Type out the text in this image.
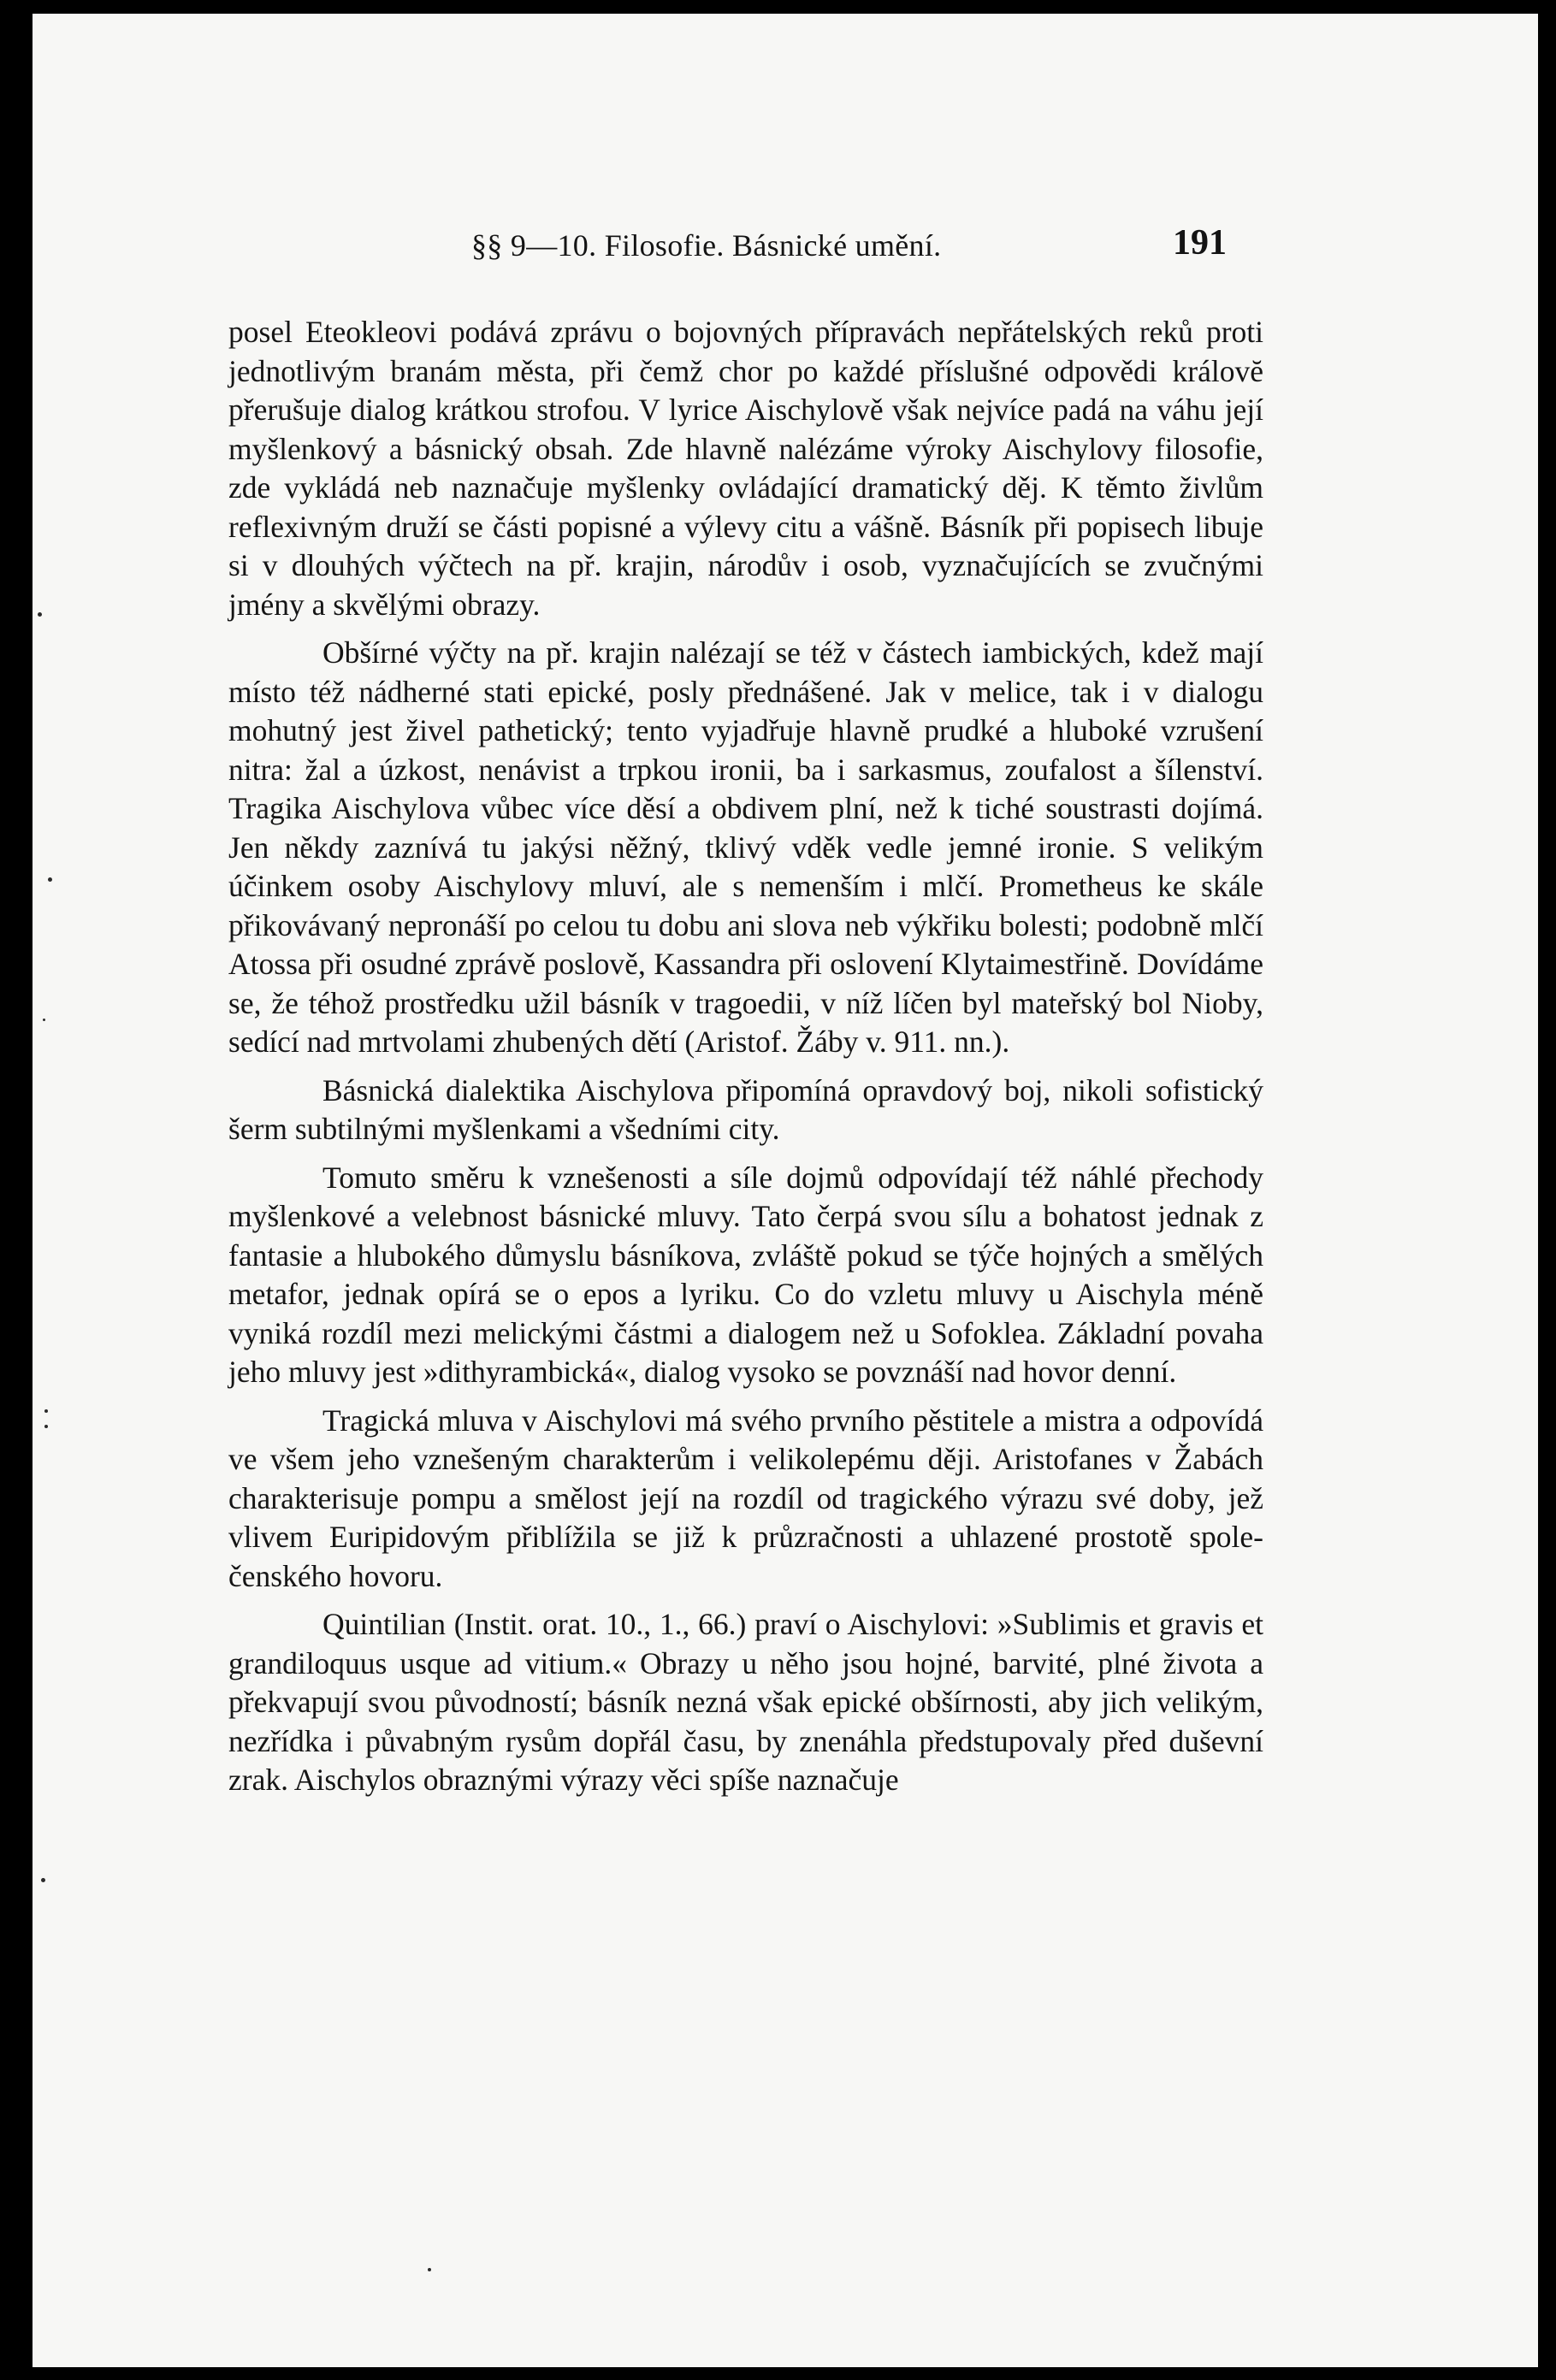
§§ 9—10. Filosofie. Básnické umění.	191

posel Eteokleovi podává zprávu o bojovných přípravách nepřátelských reků proti jednotlivým branám města, při čemž chor po každé příslušné odpovědi královĕ přerušuje dialog krátkou strofou. V lyrice Aischylově však nejvíce padá na váhu její myšlenkový a básnický obsah. Zde hlavně nalézáme výroky Aischylovy filosofie, zde vykládá neb naznačuje myšlenky ovládající dramatický děj. K těmto živlům reflexivným druží se části popisné a výlevy citu a vášně. Básník při popisech libuje si v dlouhých výčtech na př. krajin, národův i osob, vyznačujících se zvučnými jmény a skvělými obrazy.

Obšírné výčty na př. krajin nalézají se též v částech iambických, kdež mají místo též nádherné stati epické, posly přednášené. Jak v melice, tak i v dialogu mohutný jest živel pathetický; tento vyjadřuje hlavně prudké a hluboké vzrušení nitra: žal a úzkost, nenávist a trpkou ironii, ba i sarkasmus, zoufalost a šílenství. Tragika Aischylova vůbec více děsí a obdivem plní, než k tiché soustrasti dojímá. Jen někdy zaznívá tu jakýsi něžný, tklivý vděk vedle jemné ironie. S velikým účinkem osoby Aischylovy mluví, ale s nemenším i mlčí. Prometheus ke skále přikovávaný nepronáší po celou tu dobu ani slova neb výkřiku bolesti; podobně mlčí Atossa při osudné zprávě poslově, Kassandra při oslovení Klytaimestřině. Dovídáme se, že téhož prostředku užil básník v tragoedii, v níž líčen byl mateřský bol Nioby, sedící nad mrtvolami zhubených dětí (Aristof. Žáby v. 911. nn.).

Básnická dialektika Aischylova připomíná opravdový boj, nikoli sofistický šerm subtilnými myšlenkami a všedními city.

Tomuto směru k vznešenosti a síle dojmů odpovídají též náhlé přechody myšlenkové a velebnost básnické mluvy. Tato čerpá svou sílu a bohatost jednak z fantasie a hlubokého důmyslu básníkova, zvláště pokud se týče hojných a smělých metafor, jednak opírá se o epos a lyriku. Co do vzletu mluvy u Aischyla méně vyniká rozdíl mezi melickými částmi a dialogem než u Sofoklea. Základní povaha jeho mluvy jest »dithyrambická«, dialog vysoko se povznáší nad hovor denní.

Tragická mluva v Aischylovi má svého prvního pěstitele a mistra a odpovídá ve všem jeho vznešeným charakterům i velikolepému ději. Aristofanes v Žabách charakterisuje pompu a smělost její na rozdíl od tragického výrazu své doby, jež vlivem Euripidovým přiblížila se již k průzračnosti a uhlazené prostotě společenského hovoru.

Quintilian (Instit. orat. 10., 1., 66.) praví o Aischylovi: »Sublimis et gravis et grandiloquus usque ad vitium.« Obrazy u něho jsou hojné, barvité, plné života a překvapují svou původností; básník nezná však epické obšírnosti, aby jich velikým, nezřídka i půvabným rysům dopřál času, by znenáhla předstupovaly před duševní zrak. Aischylos obraznými výrazy věci spíše naznačuje
